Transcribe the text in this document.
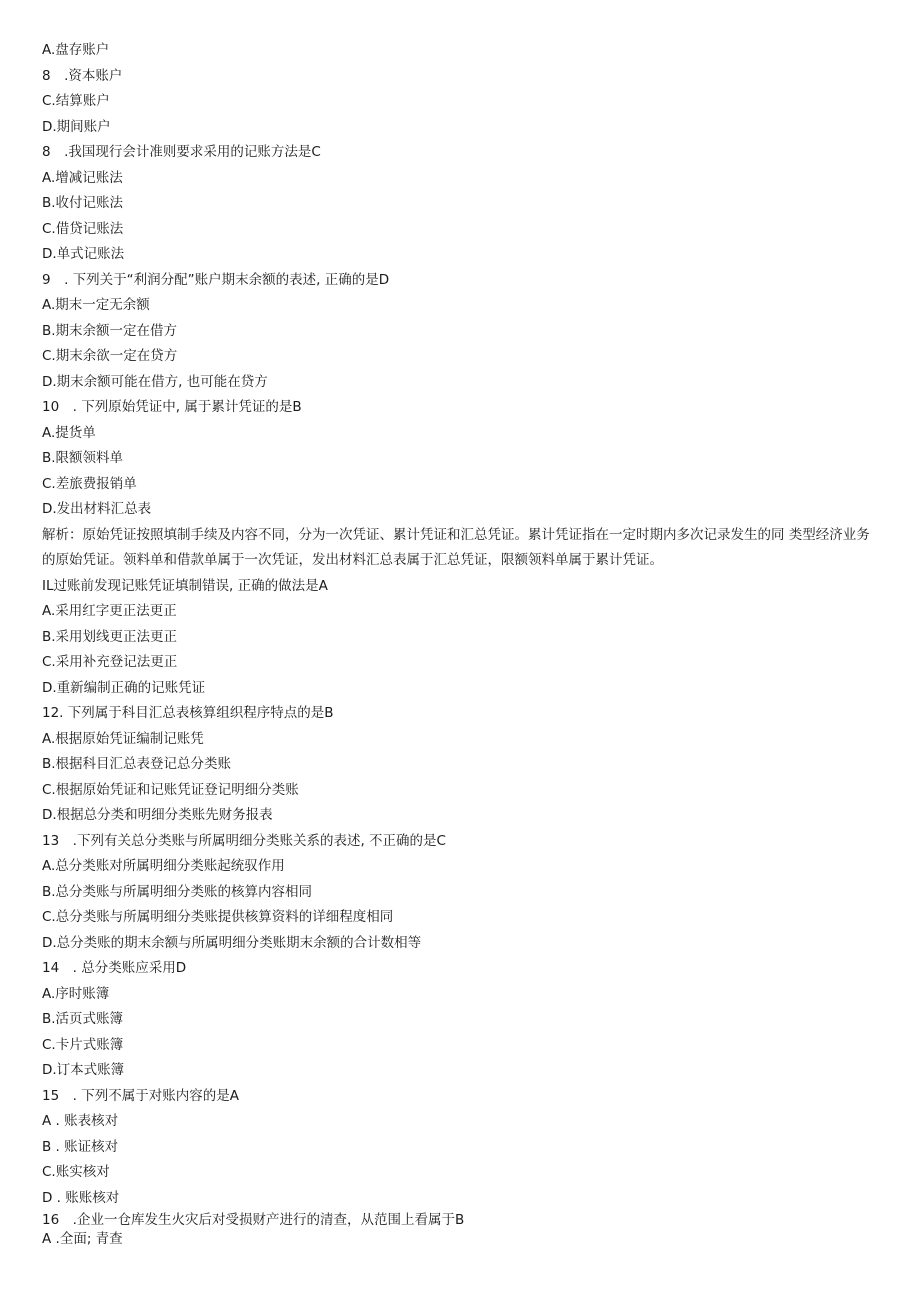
A.盘存账户
8　.资本账户
C.结算账户
D.期间账户
8　.我国现行会计准则要求采用的记账方法是C
A.增减记账法
B.收付记账法
C.借贷记账法
D.单式记账法
9　. 下列关于“利润分配”账户期末余额的表述, 正确的是D
A.期末一定无余额
B.期末余额一定在借方
C.期末余欲一定在贷方
D.期末余额可能在借方, 也可能在贷方
10　. 下列原始凭证中, 属于累计凭证的是B
A.提货单
B.限额领料单
C.差旅费报销单
D.发出材料汇总表
解析：原始凭证按照填制手续及内容不同，分为一次凭证、累计凭证和汇总凭证。累计凭证指在一定时期内多次记录发生的同 类型经济业务的原始凭证。领料单和借款单属于一次凭证，发出材料汇总表属于汇总凭证，限额领料单属于累计凭证。
IL过账前发现记账凭证填制错误, 正确的做法是A
A.采用红字更正法更正
B.采用划线更正法更正
C.采用补充登记法更正
D.重新编制正确的记账凭证
12. 下列属于科目汇总表核算组织程序特点的是B
A.根据原始凭证编制记账凭
B.根据科目汇总表登记总分类账
C.根据原始凭证和记账凭证登记明细分类账
D.根据总分类和明细分类账先财务报表
13　.下列有关总分类账与所属明细分类账关系的表述, 不正确的是C
A.总分类账对所属明细分类账起统驭作用
B.总分类账与所属明细分类账的核算内容相同
C.总分类账与所属明细分类账提供核算资料的详细程度相同
D.总分类账的期末余额与所属明细分类账期末余额的合计数相等
14　. 总分类账应采用D
A.序时账簿
B.活页式账簿
C.卡片式账簿
D.订本式账簿
15　. 下列不属于对账内容的是A
A . 账表核对
B . 账证核对
C.账实核对
D . 账账核对
16　.企业一仓库发生火灾后对受损财产进行的清查，从范围上看属于B
A .全面; 青查
